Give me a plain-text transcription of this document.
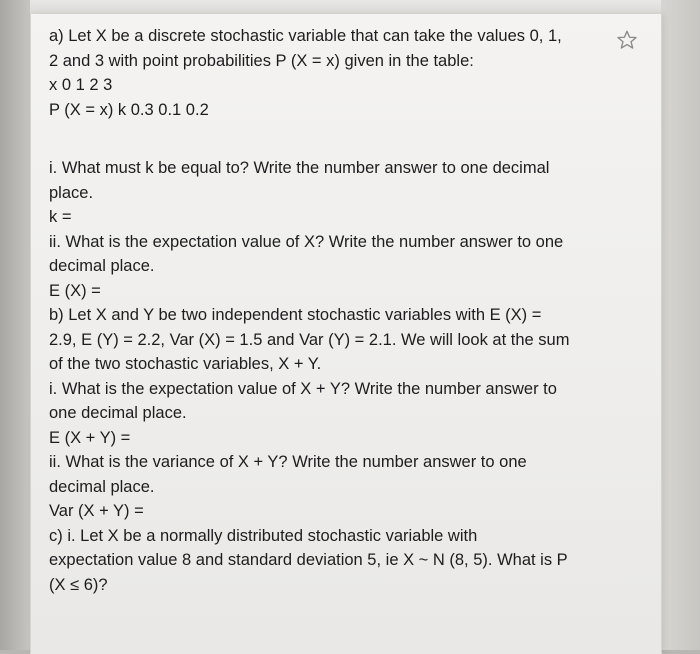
a) Let X be a discrete stochastic variable that can take the values 0, 1,
2 and 3 with point probabilities P (X = x) given in the table:
x 0 1 2 3
P (X = x) k 0.3 0.1 0.2
i. What must k be equal to? Write the number answer to one decimal
place.
k =
ii. What is the expectation value of X? Write the number answer to one
decimal place.
E (X) =
b) Let X and Y be two independent stochastic variables with E (X) =
2.9, E (Y) = 2.2, Var (X) = 1.5 and Var (Y) = 2.1. We will look at the sum
of the two stochastic variables, X + Y.
i. What is the expectation value of X + Y? Write the number answer to
one decimal place.
E (X + Y) =
ii. What is the variance of X + Y? Write the number answer to one
decimal place.
Var (X + Y) =
c) i. Let X be a normally distributed stochastic variable with
expectation value 8 and standard deviation 5, ie X ~ N (8, 5). What is P
(X ≤ 6)?
